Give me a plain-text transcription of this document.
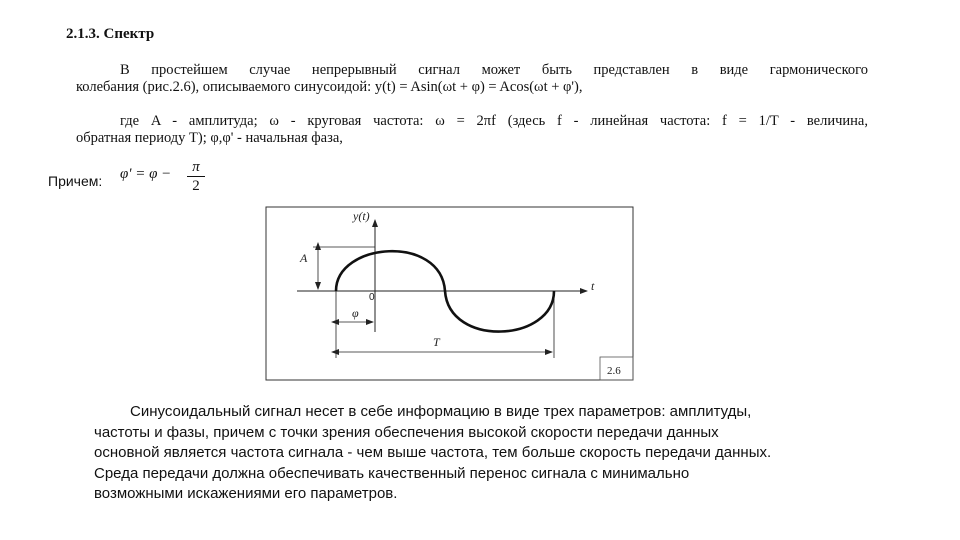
2.1.3. Спектр

В простейшем случае непрерывный сигнал может быть представлен в виде гармонического
колебания (рис.2.6), описываемого синусоидой: y(t) = Asin(ωt + φ) = Acos(ωt + φ'),

где A - амплитуда; ω - круговая частота: ω = 2πf (здесь f - линейная частота: f = 1/T - величина,
обратная периоду T); φ,φ' - начальная фаза,

Причем: φ' = φ −	π
2
y(t)
t
0
A
φ
T
2.6
Синусоидальный сигнал несет в себе информацию в виде трех параметров: амплитуды,
частоты и фазы, причем с точки зрения обеспечения высокой скорости передачи данных
основной является частота сигнала - чем выше частота, тем больше скорость передачи данных.
Среда передачи должна обеспечивать качественный перенос сигнала с минимально
возможными искажениями его параметров.
